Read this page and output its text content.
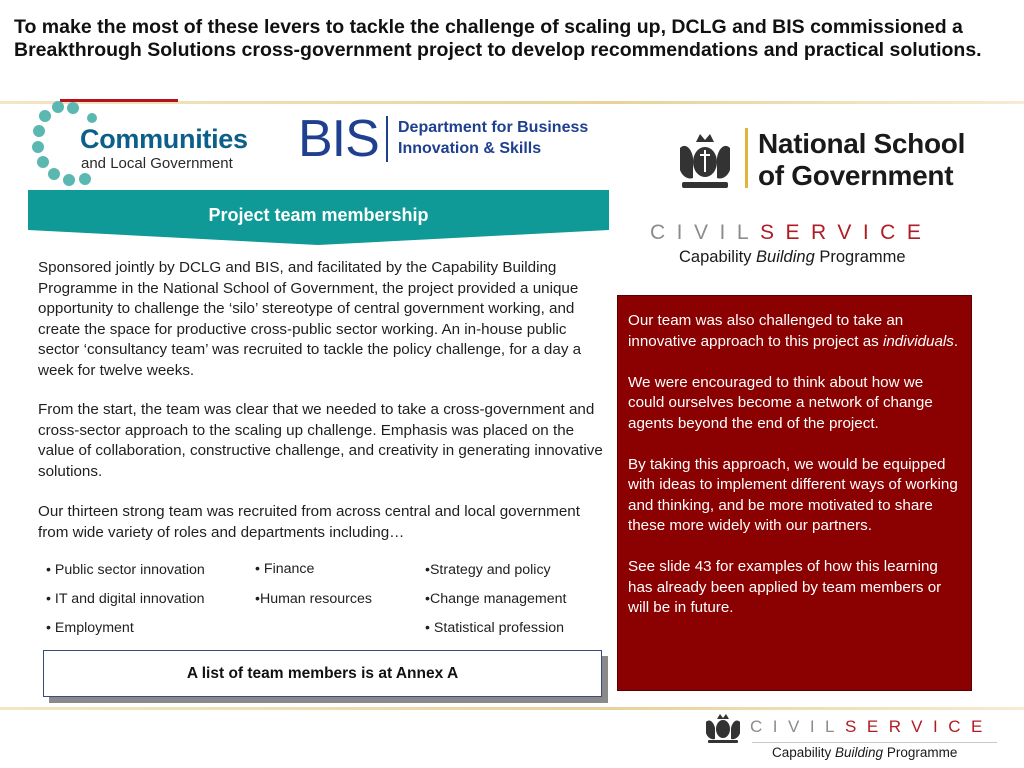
To make the most of these levers to tackle the challenge of scaling up, DCLG and BIS commissioned a Breakthrough Solutions cross-government project to develop recommendations and practical solutions.
Communities
and Local Government BIS Department for Business
Innovation & Skills	National School
of Government
CIVILSERVICE
Capability Building Programme
Project team membership
Sponsored jointly by DCLG and BIS, and facilitated by the Capability Building Programme in the National School of Government, the project provided a unique opportunity to challenge the ‘silo’ stereotype of central government working, and create the space for productive cross-public sector working. An in-house public sector ‘consultancy team’ was recruited to tackle the policy challenge, for a day a week for twelve weeks.
From the start, the team was clear that we needed to take a cross-government and cross-sector approach to the scaling up challenge. Emphasis was placed on the value of collaboration, constructive challenge, and creativity in generating innovative solutions.
Our thirteen strong team was recruited from across central and local government from wide variety of roles and departments including…
• Public sector innovation
• IT and digital innovation
• Employment
• Finance
•Human resources
•Strategy and policy
•Change management
• Statistical profession
A list of team members is at Annex A

Our team was also challenged to take an innovative approach to this project as individuals.

We were encouraged to think about how we could ourselves become a network of change agents beyond the end of the project.

By taking this approach, we would be equipped with ideas to implement different ways of working and thinking, and be more motivated to share these more widely with our partners.

See slide 43 for examples of how this learning has already been applied by team members or will be in future.

CIVILSERVICE
Capability Building Programme
